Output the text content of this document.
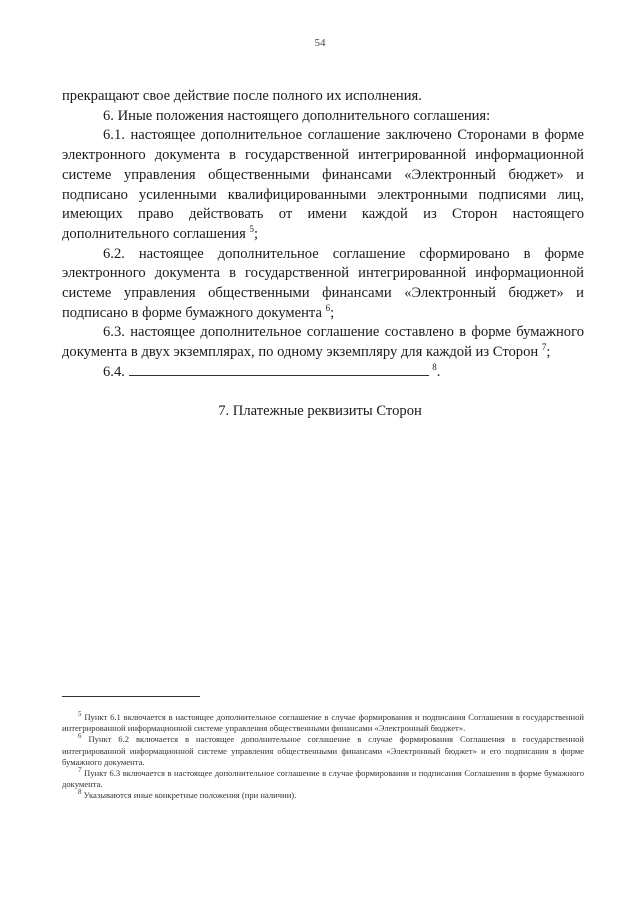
54

прекращают свое действие после полного их исполнения.

6. Иные положения настоящего дополнительного соглашения:

6.1. настоящее дополнительное соглашение заключено Сторонами в форме электронного документа в государственной интегрированной информационной системе управления общественными финансами «Электронный бюджет» и подписано усиленными квалифицированными электронными подписями лиц, имеющих право действовать от имени каждой из Сторон настоящего дополнительного соглашения $^5$;

6.2. настоящее дополнительное соглашение сформировано в форме электронного документа в государственной интегрированной информационной системе управления общественными финансами «Электронный бюджет» и подписано в форме бумажного документа $^6$;

6.3. настоящее дополнительное соглашение составлено в форме бумажного документа в двух экземплярах, по одному экземпляру для каждой из Сторон $^7$;

6.4.	$^8$.

7. Платежные реквизиты Сторон

$^5$ Пункт 6.1 включается в настоящее дополнительное соглашение в случае формирования и подписания Соглашения в государственной интегрированной информационной системе управления общественными финансами «Электронный бюджет».

$^6$ Пункт 6.2 включается в настоящее дополнительное соглашение в случае формирования Соглашения в государственной интегрированной информационной системе управления общественными финансами «Электронный бюджет» и его подписания в форме бумажного документа.

$^7$ Пункт 6.3 включается в настоящее дополнительное соглашение в случае формирования и подписания Соглашения в форме бумажного документа.

$^8$ Указываются иные конкретные положения (при наличии).
